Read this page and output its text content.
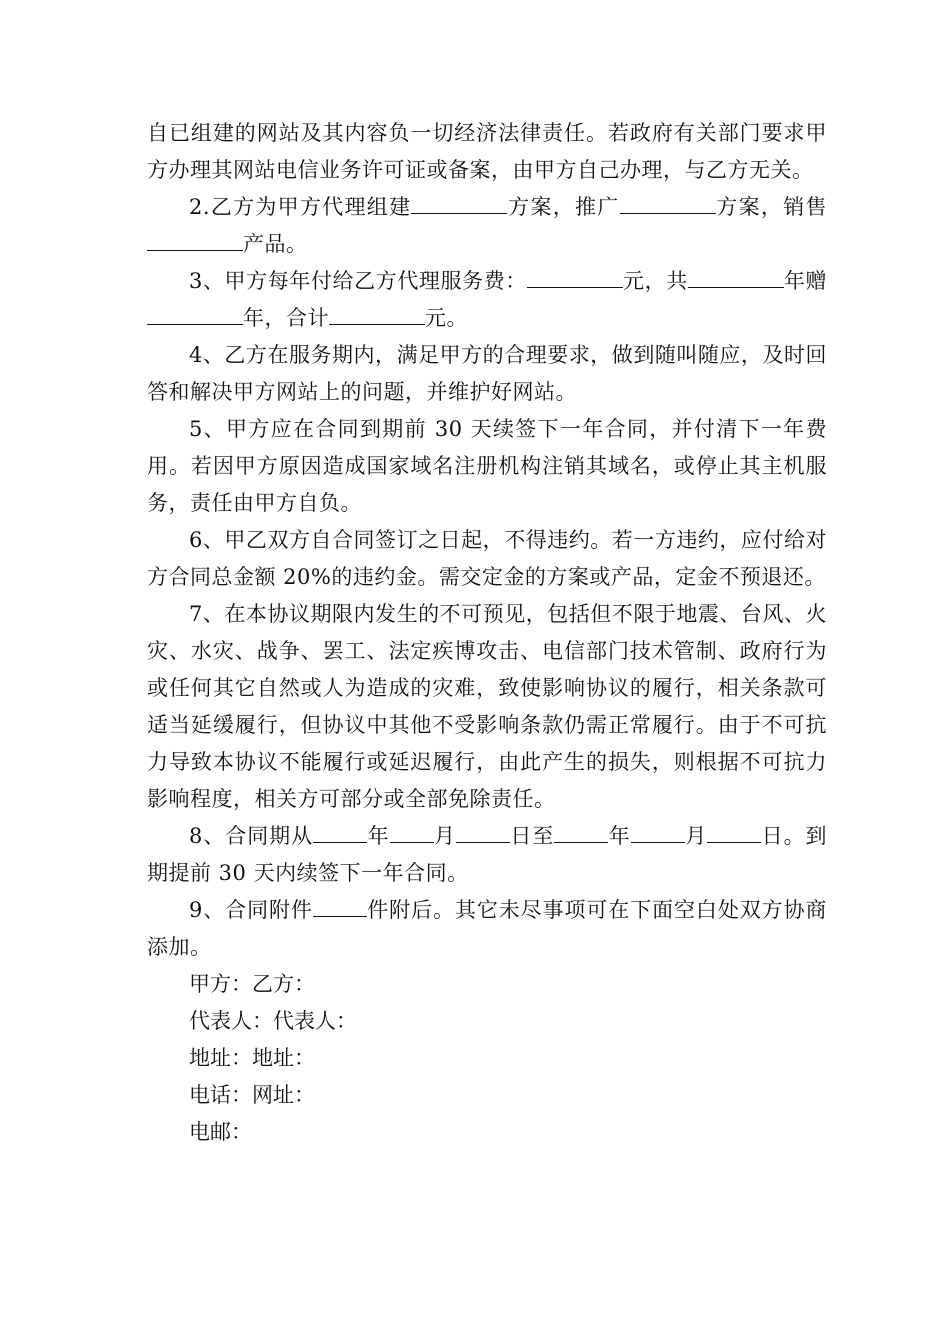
自已组建的网站及其内容负一切经济法律责任。若政府有关部门要求甲方办理其网站电信业务许可证或备案，由甲方自己办理，与乙方无关。

2.乙方为甲方代理组建	方案，推广	方案，销售产品。

3、甲方每年付给乙方代理服务费：	元，共	年赠年，合计	元。

4、乙方在服务期内，满足甲方的合理要求，做到随叫随应，及时回答和解决甲方网站上的问题，并维护好网站。

5、甲方应在合同到期前 30 天续签下一年合同，并付清下一年费用。若因甲方原因造成国家域名注册机构注销其域名，或停止其主机服务，责任由甲方自负。

6、甲乙双方自合同签订之日起，不得违约。若一方违约，应付给对方合同总金额 20%的违约金。需交定金的方案或产品，定金不预退还。

7、在本协议期限内发生的不可预见，包括但不限于地震、台风、火灾、水灾、战争、罢工、法定疾博攻击、电信部门技术管制、政府行为或任何其它自然或人为造成的灾难，致使影响协议的履行，相关条款可适当延缓履行，但协议中其他不受影响条款仍需正常履行。由于不可抗力导致本协议不能履行或延迟履行，由此产生的损失，则根据不可抗力影响程度，相关方可部分或全部免除责任。

8、合同期从	年 月	日至	年	月	日。到期提前 30 天内续签下一年合同。

9、合同附件	件附后。其它未尽事项可在下面空白处双方协商添加。

甲方：乙方：

代表人：代表人：

地址：地址：

电话：网址：

电邮：
